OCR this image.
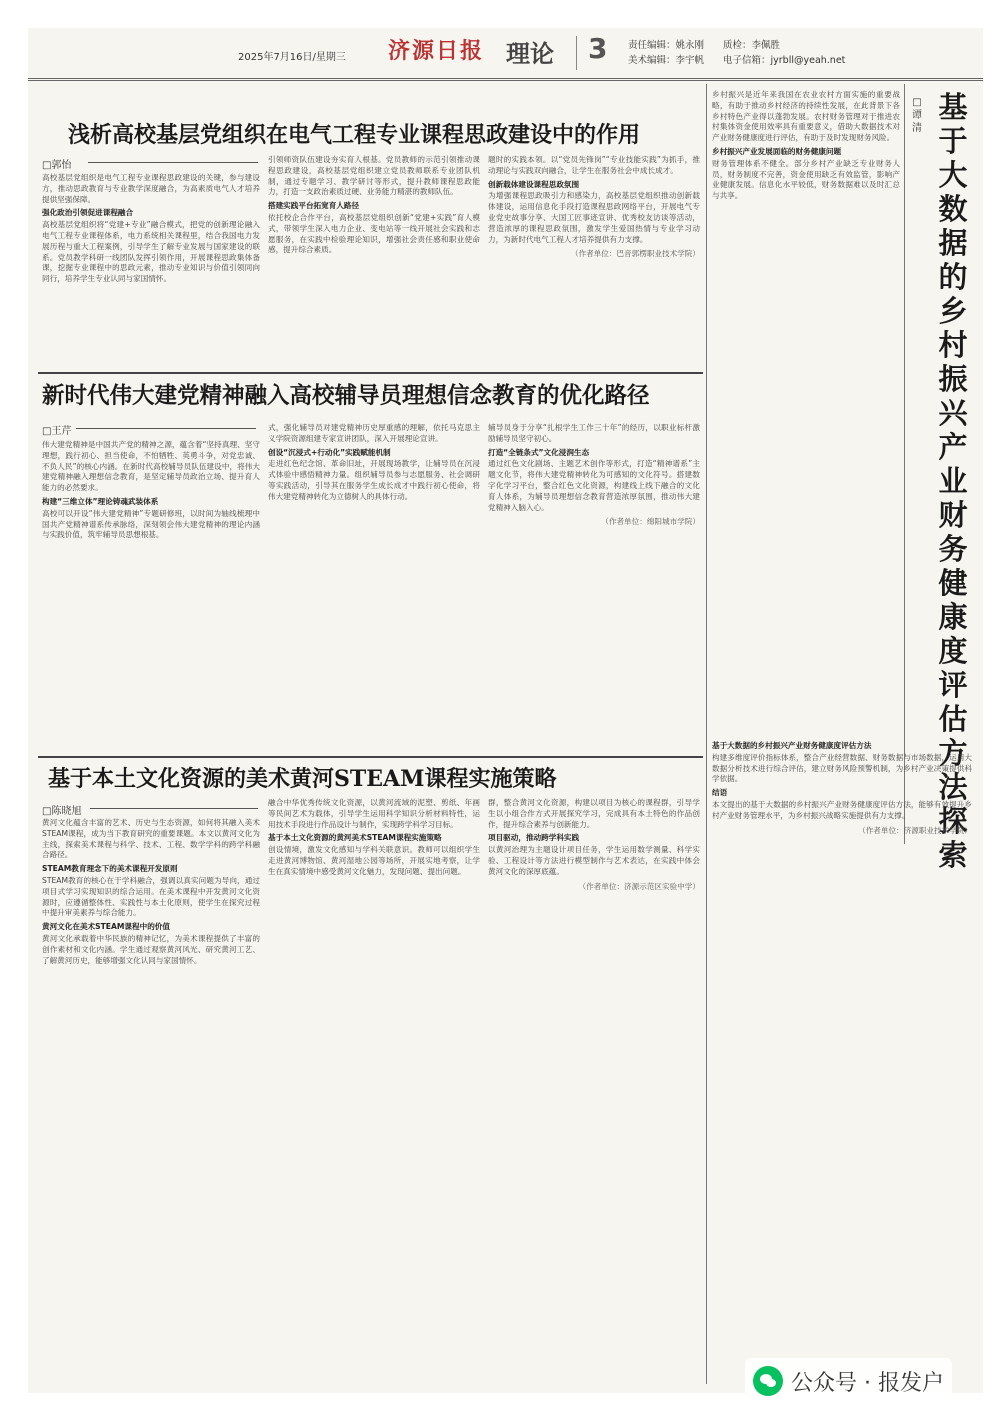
2025年7月16日/星期三 济源日报 理论 3 责任编辑：姚永刚
美术编辑：李宇帆
质检：李佩胜
电子信箱：jyrbll@yeah.net
浅析高校基层党组织在电气工程专业课程思政建设中的作用
□郭怡
高校基层党组织是电气工程专业课程思政建设的关键，参与建设方，推动思政教育与专业教学深度融合，为高素质电气人才培养提供坚强保障。
强化政治引领促进课程融合
高校基层党组织将“党建+专业”融合模式，把党的创新理论融入电气工程专业课程体系，电力系统相关课程里，结合我国电力发展历程与重大工程案例，引导学生了解专业发展与国家建设的联系。党员教学科研一线团队发挥引领作用，开展课程思政集体备课，挖掘专业课程中的思政元素，推动专业知识与价值引领同向同行，培养学生专业认同与家国情怀。
引领师资队伍建设夯实育人根基。党员教师的示范引领推动课程思政建设，高校基层党组织建立党员教师联系专业团队机制，通过专题学习、教学研讨等形式，提升教师课程思政能力，打造一支政治素质过硬、业务能力精湛的教师队伍。
搭建实践平台拓宽育人路径
依托校企合作平台，高校基层党组织创新“党建+实践”育人模式，带领学生深入电力企业、变电站等一线开展社会实践和志愿服务，在实践中检验理论知识，增强社会责任感和职业使命感，提升综合素质。
题时的实践本领。以“党员先锋岗”“专业技能实践”为抓手，推动理论与实践双向融合，让学生在服务社会中成长成才。
创新载体建设课程思政氛围
为增强课程思政吸引力和感染力，高校基层党组织推动创新载体建设，运用信息化手段打造课程思政网络平台，开展电气专业党史故事分享、大国工匠事迹宣讲、优秀校友访谈等活动，营造浓厚的课程思政氛围，激发学生爱国热情与专业学习动力，为新时代电气工程人才培养提供有力支撑。
（作者单位：巴音郭楞职业技术学院）
新时代伟大建党精神融入高校辅导员理想信念教育的优化路径
□王芹
伟大建党精神是中国共产党的精神之源，蕴含着“坚持真理、坚守理想，践行初心、担当使命，不怕牺牲、英勇斗争，对党忠诚、不负人民”的核心内涵。在新时代高校辅导员队伍建设中，将伟大建党精神融入理想信念教育，是坚定辅导员政治立场、提升育人能力的必然要求。
构建“三维立体”理论铸魂武装体系
高校可以开设“伟大建党精神”专题研修班，以时间为轴线梳理中国共产党精神谱系传承脉络，深刻领会伟大建党精神的理论内涵与实践价值，筑牢辅导员思想根基。
式，强化辅导员对建党精神历史厚重感的理解，依托马克思主义学院资源组建专家宣讲团队，深入开展理论宣讲。
创设“沉浸式+行动化”实践赋能机制
走进红色纪念馆、革命旧址，开展现场教学，让辅导员在沉浸式体验中感悟精神力量。组织辅导员参与志愿服务、社会调研等实践活动，引导其在服务学生成长成才中践行初心使命，将伟大建党精神转化为立德树人的具体行动。
辅导员身于分享“扎根学生工作三十年”的经历，以职业标杆激励辅导员坚守初心。
打造“全链条式”文化浸润生态
通过红色文化剧场、主题艺术创作等形式，打造“精神谱系”主题文化节，将伟大建党精神转化为可感知的文化符号。搭建数字化学习平台，整合红色文化资源，构建线上线下融合的文化育人体系，为辅导员理想信念教育营造浓厚氛围，推动伟大建党精神入脑入心。
（作者单位：绵阳城市学院）
基于本土文化资源的美术黄河STEAM课程实施策略
□陈晓旭
黄河文化蕴含丰富的艺术、历史与生态资源，如何将其融入美术STEAM课程，成为当下教育研究的重要课题。本文以黄河文化为主线，探索美术课程与科学、技术、工程、数学学科的跨学科融合路径。
STEAM教育理念下的美术课程开发原则
STEAM教育的核心在于学科融合，强调以真实问题为导向，通过项目式学习实现知识的综合运用。在美术课程中开发黄河文化资源时，应遵循整体性、实践性与本土化原则，使学生在探究过程中提升审美素养与综合能力。
黄河文化在美术STEAM课程中的价值
黄河文化承载着中华民族的精神记忆，为美术课程提供了丰富的创作素材和文化内涵。学生通过观察黄河风光、研究黄河工艺、了解黄河历史，能够增强文化认同与家国情怀。
融合中华优秀传统文化资源，以黄河流域的泥塑、剪纸、年画等民间艺术为载体，引导学生运用科学知识分析材料特性，运用技术手段进行作品设计与制作，实现跨学科学习目标。
基于本土文化资源的黄河美术STEAM课程实施策略
创设情境，激发文化感知与学科关联意识。教师可以组织学生走进黄河博物馆、黄河湿地公园等场所，开展实地考察，让学生在真实情境中感受黄河文化魅力，发现问题、提出问题。
群，整合黄河文化资源，构建以项目为核心的课程群，引导学生以小组合作方式开展探究学习，完成具有本土特色的作品创作，提升综合素养与创新能力。
项目驱动，推动跨学科实践
以黄河治理为主题设计项目任务，学生运用数学测量、科学实验、工程设计等方法进行模型制作与艺术表达，在实践中体会黄河文化的深厚底蕴。
（作者单位：济源示范区实验中学）
基于大数据的乡村振兴产业财务健康度评估方法探索
□谭清
乡村振兴是近年来我国在农业农村方面实施的重要战略，有助于推动乡村经济的持续性发展，在此背景下各乡村特色产业得以蓬勃发展。农村财务管理对于推进农村集体资金使用效率具有重要意义，借助大数据技术对产业财务健康度进行评估，有助于及时发现财务风险。
乡村振兴产业发展面临的财务健康问题
财务管理体系不健全。部分乡村产业缺乏专业财务人员，财务制度不完善，资金使用缺乏有效监管，影响产业健康发展。信息化水平较低，财务数据难以及时汇总与共享。
基于大数据的乡村振兴产业财务健康度评估方法
构建多维度评价指标体系，整合产业经营数据、财务数据与市场数据，运用大数据分析技术进行综合评估，建立财务风险预警机制，为乡村产业决策提供科学依据。
结语
本文提出的基于大数据的乡村振兴产业财务健康度评估方法，能够有效提升乡村产业财务管理水平，为乡村振兴战略实施提供有力支撑。
（作者单位：济源职业技术学院）
公众号 · 报发户
